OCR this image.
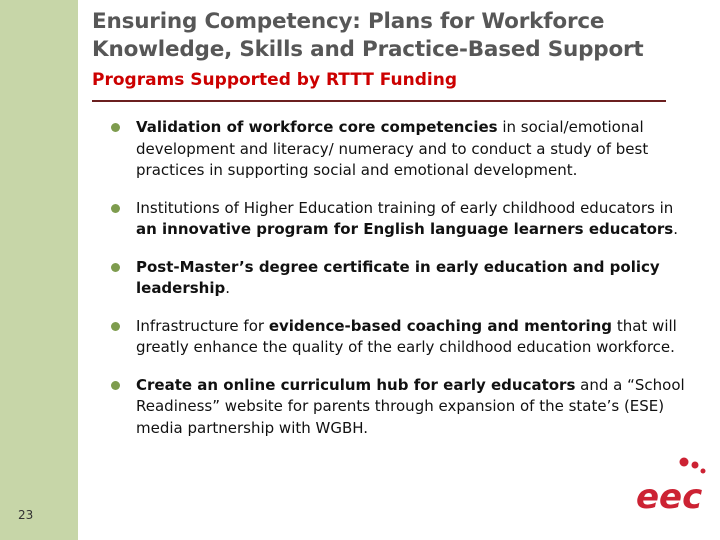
23
Ensuring Competency: Plans for Workforce
Knowledge, Skills and Practice-Based Support
Programs Supported by RTTT Funding
Validation of workforce core competencies in social/emotional development and literacy/ numeracy and to conduct a study of best practices in supporting social and emotional development.
Institutions of Higher Education training of early childhood educators in an innovative program for English language learners educators.
Post-Master’s degree certificate in early education and policy leadership.
Infrastructure for evidence-based coaching and mentoring that will greatly enhance the quality of the early childhood education workforce.
Create an online curriculum hub for early educators and a “School Readiness” website for parents through expansion of the state’s (ESE) media partnership with WGBH.
eec
